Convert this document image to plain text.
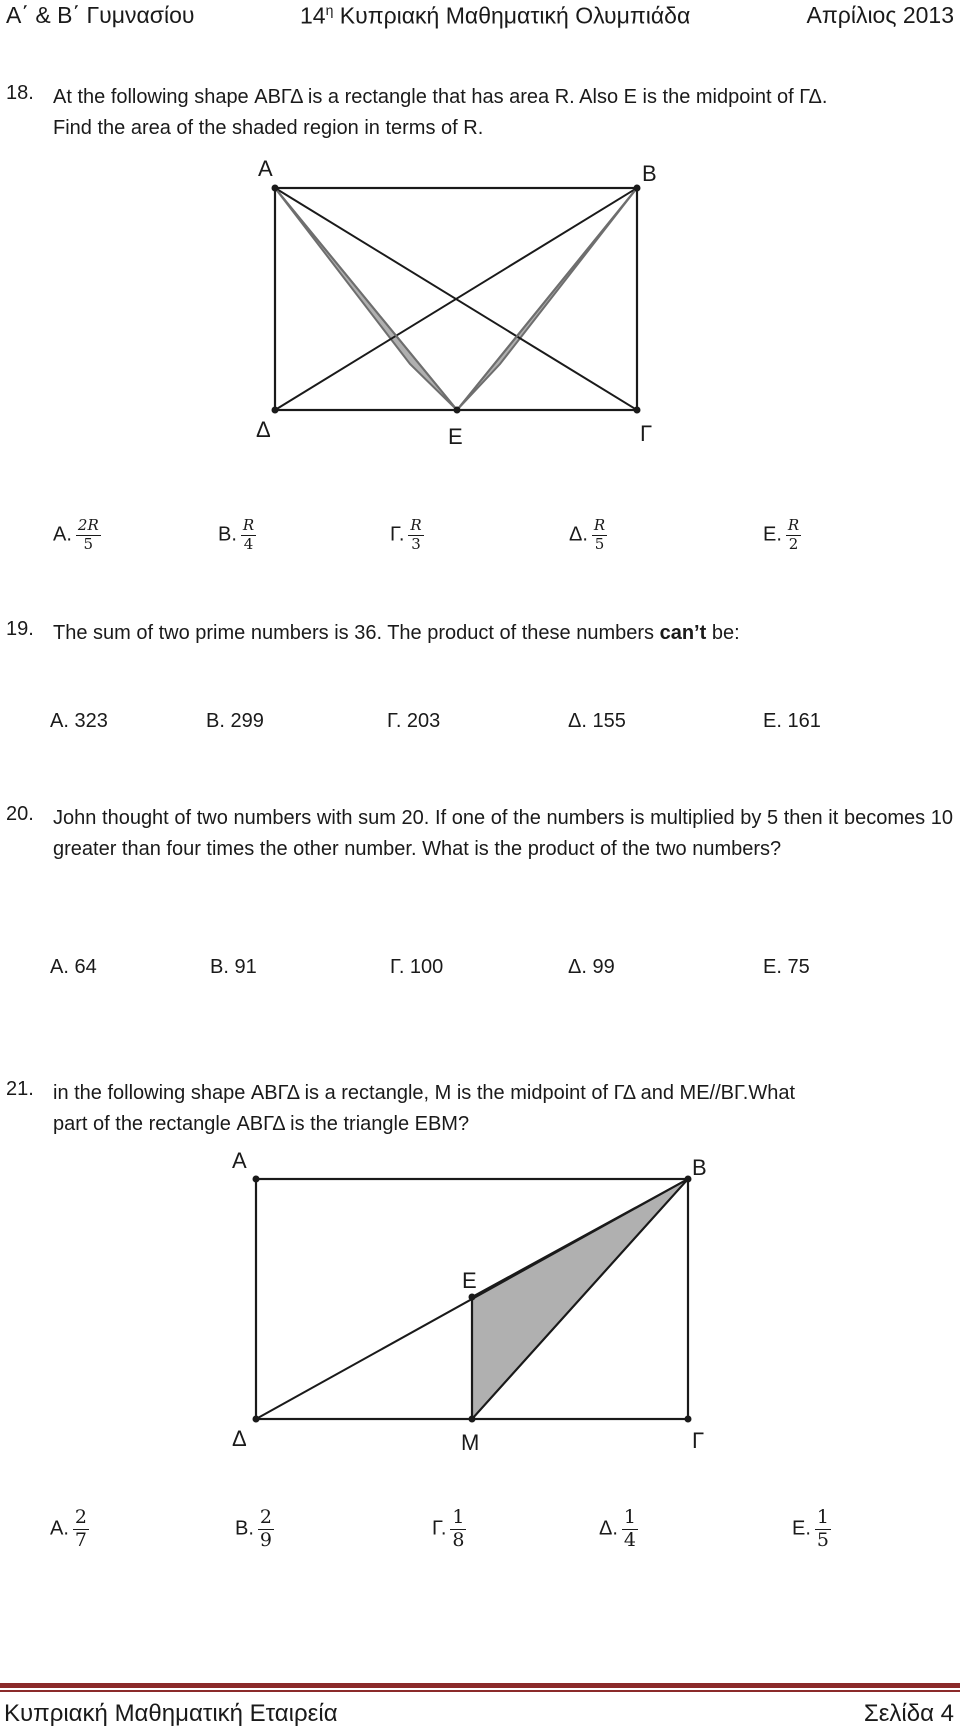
Α΄ & Β΄ Γυμνασίου	$14^\eta$ Κυπριακή Μαθηματική Ολυμπιάδα	Απρίλιος 2013
18. At the following shape ΑΒΓΔ is a rectangle that has area R. Also E is the midpoint of ΓΔ.
Find the area of the shaded region in terms of R.
Α	Β
Δ	Ε	Γ
Α. $\frac{2R}{5}$	Β. $\frac{R}{4}$	Γ. $\frac{R}{3}$	Δ. $\frac{R}{5}$	Ε. $\frac{R}{2}$
19. The sum of two prime numbers is 36. The product of these numbers can’t be:
Α. 323	Β. 299	Γ. 203	Δ. 155	Ε. 161
20. John thought of two numbers with sum 20. If one of the numbers is multiplied by 5 then it becomes 10 greater than four times the other number. What is the product of the two numbers?
Α. 64	Β. 91	Γ. 100	Δ. 99	Ε. 75
21. in the following shape ΑΒΓΔ is a rectangle, M is the midpoint of ΓΔ and ME//ΒΓ.What
part of the rectangle ΑΒΓΔ is the triangle EBM?
Α	Β
Ε
Δ	Μ	Γ
Α. $\frac{2}{7}$	Β. $\frac{2}{9}$	Γ. $\frac{1}{8}$	Δ. $\frac{1}{4}$	Ε. $\frac{1}{5}$
Κυπριακή Μαθηματική Εταιρεία	Σελίδα 4
